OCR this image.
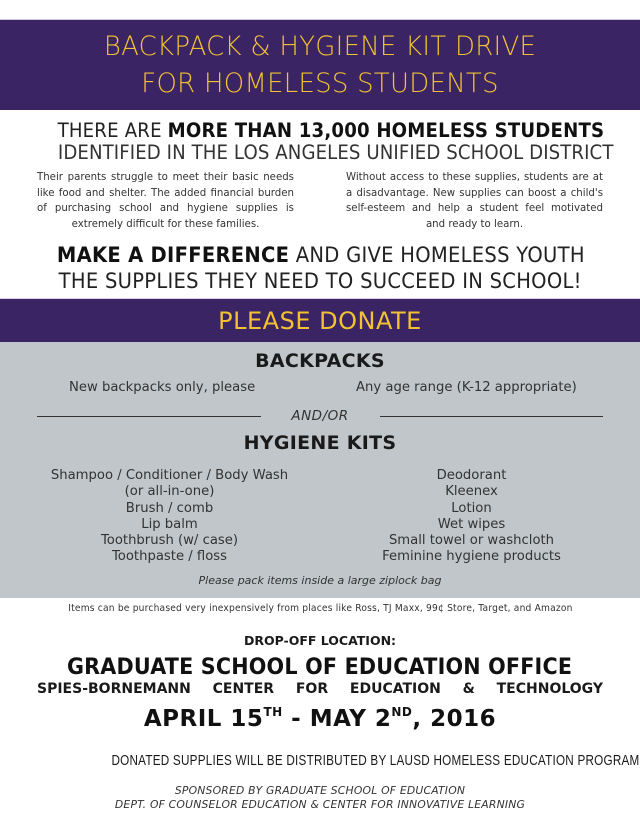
BACKPACK & HYGIENE KIT DRIVE
FOR HOMELESS STUDENTS
THERE ARE MORE THAN 13,000 HOMELESS STUDENTS
IDENTIFIED IN THE LOS ANGELES UNIFIED SCHOOL DISTRICT

Their parents struggle to meet their basic needs like food and shelter. The added financial burden of purchasing school and hygiene supplies is extremely difficult for these families.

Without access to these supplies, students are at a disadvantage. New supplies can boost a child's self-esteem and help a student feel motivated and ready to learn.

MAKE A DIFFERENCE AND GIVE HOMELESS YOUTH
THE SUPPLIES THEY NEED TO SUCCEED IN SCHOOL!
PLEASE DONATE
BACKPACKS
New backpacks only, please	Any age range (K-12 appropriate)
AND/OR
HYGIENE KITS
Shampoo / Conditioner / Body Wash
(or all-in-one)
Brush / comb
Lip balm
Toothbrush (w/ case)
Toothpaste / floss
Deodorant
Kleenex
Lotion
Wet wipes
Small towel or washcloth
Feminine hygiene products
Please pack items inside a large ziplock bag
Items can be purchased very inexpensively from places like Ross, TJ Maxx, 99¢ Store, Target, and Amazon
DROP-OFF LOCATION:
GRADUATE SCHOOL OF EDUCATION OFFICE
SPIES-BORNEMANN CENTER FOR EDUCATION & TECHNOLOGY
APRIL 15TH - MAY 2ND, 2016
DONATED SUPPLIES WILL BE DISTRIBUTED BY LAUSD HOMELESS EDUCATION PROGRAM
SPONSORED BY GRADUATE SCHOOL OF EDUCATION
DEPT. OF COUNSELOR EDUCATION & CENTER FOR INNOVATIVE LEARNING
